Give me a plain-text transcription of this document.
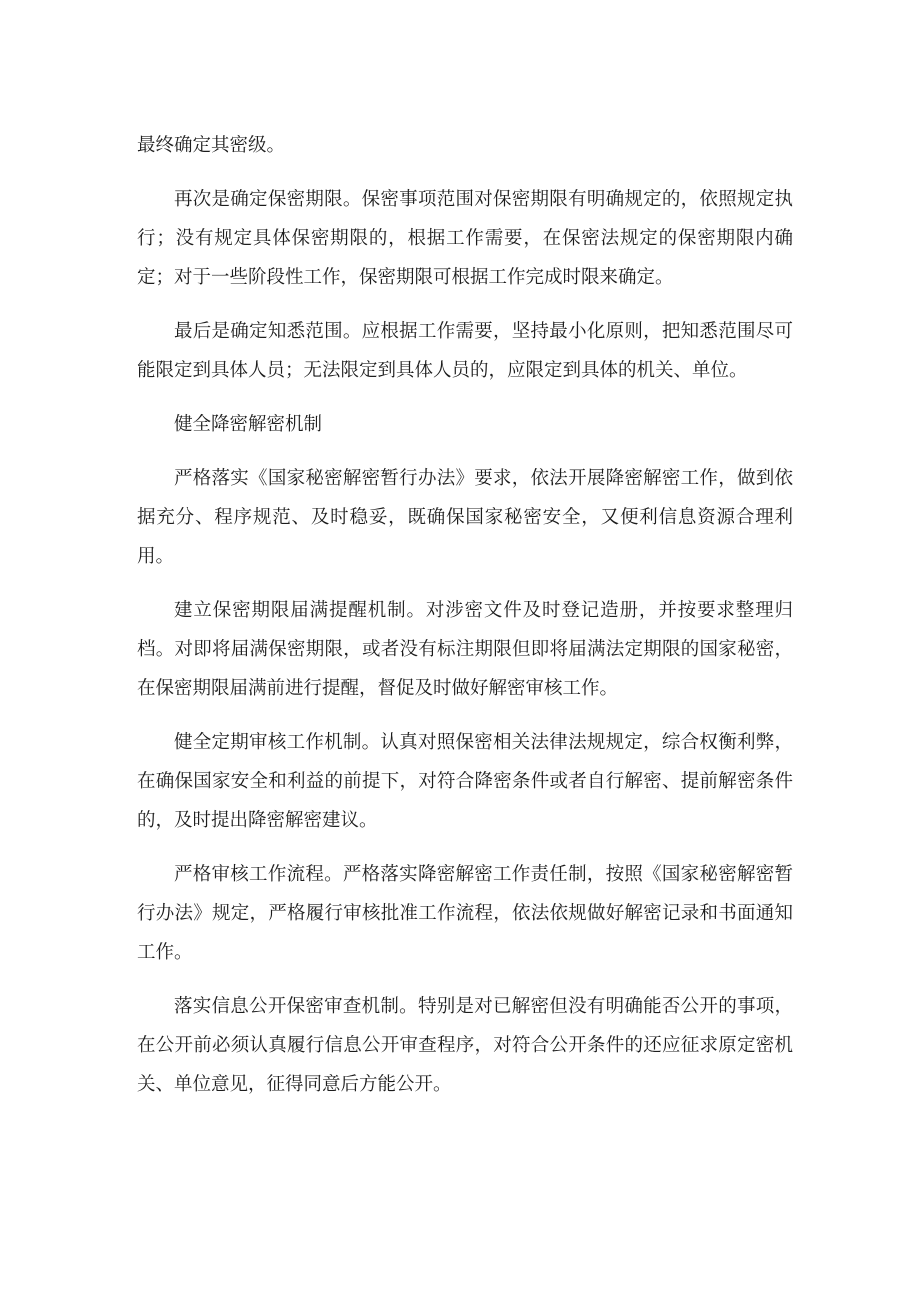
最终确定其密级。

再次是确定保密期限。保密事项范围对保密期限有明确规定的，依照规定执行；没有规定具体保密期限的，根据工作需要，在保密法规定的保密期限内确定；对于一些阶段性工作，保密期限可根据工作完成时限来确定。

最后是确定知悉范围。应根据工作需要，坚持最小化原则，把知悉范围尽可能限定到具体人员；无法限定到具体人员的，应限定到具体的机关、单位。

健全降密解密机制

严格落实《国家秘密解密暂行办法》要求，依法开展降密解密工作，做到依据充分、程序规范、及时稳妥，既确保国家秘密安全，又便利信息资源合理利用。

建立保密期限届满提醒机制。对涉密文件及时登记造册，并按要求整理归档。对即将届满保密期限，或者没有标注期限但即将届满法定期限的国家秘密，在保密期限届满前进行提醒，督促及时做好解密审核工作。

健全定期审核工作机制。认真对照保密相关法律法规规定，综合权衡利弊，在确保国家安全和利益的前提下，对符合降密条件或者自行解密、提前解密条件的，及时提出降密解密建议。

严格审核工作流程。严格落实降密解密工作责任制，按照《国家秘密解密暂行办法》规定，严格履行审核批准工作流程，依法依规做好解密记录和书面通知工作。

落实信息公开保密审查机制。特别是对已解密但没有明确能否公开的事项，在公开前必须认真履行信息公开审查程序，对符合公开条件的还应征求原定密机关、单位意见，征得同意后方能公开。
